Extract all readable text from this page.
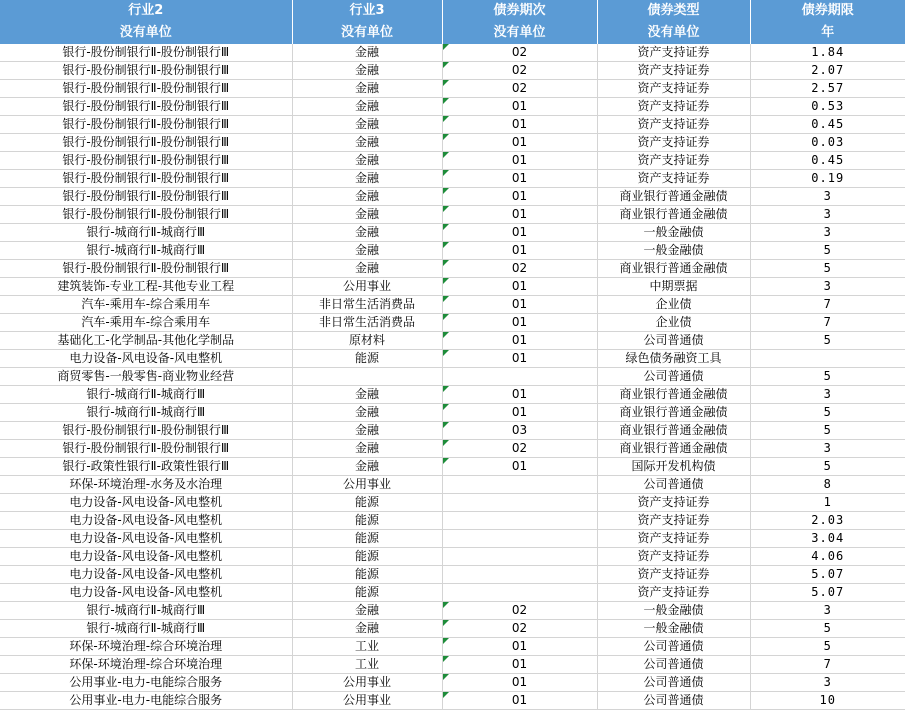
行业2	行业3	债券期次	债券类型	债券期限
没有单位	没有单位	没有单位	没有单位	年
银行-股份制银行Ⅱ-股份制银行Ⅲ	金融	02	资产支持证券	1.84
银行-股份制银行Ⅱ-股份制银行Ⅲ	金融	02	资产支持证券	2.07
银行-股份制银行Ⅱ-股份制银行Ⅲ	金融	02	资产支持证券	2.57
银行-股份制银行Ⅱ-股份制银行Ⅲ	金融	01	资产支持证券	0.53
银行-股份制银行Ⅱ-股份制银行Ⅲ	金融	01	资产支持证券	0.45
银行-股份制银行Ⅱ-股份制银行Ⅲ	金融	01	资产支持证券	0.03
银行-股份制银行Ⅱ-股份制银行Ⅲ	金融	01	资产支持证券	0.45
银行-股份制银行Ⅱ-股份制银行Ⅲ	金融	01	资产支持证券	0.19
银行-股份制银行Ⅱ-股份制银行Ⅲ	金融	01	商业银行普通金融债	3
银行-股份制银行Ⅱ-股份制银行Ⅲ	金融	01	商业银行普通金融债	3
银行-城商行Ⅱ-城商行Ⅲ	金融	01	一般金融债	3
银行-城商行Ⅱ-城商行Ⅲ	金融	01	一般金融债	5
银行-股份制银行Ⅱ-股份制银行Ⅲ	金融	02	商业银行普通金融债	5
建筑装饰-专业工程-其他专业工程	公用事业	01	中期票据	3
汽车-乘用车-综合乘用车	非日常生活消费品	01	企业债	7
汽车-乘用车-综合乘用车	非日常生活消费品	01	企业债	7
基础化工-化学制品-其他化学制品	原材料	01	公司普通债	5
电力设备-风电设备-风电整机	能源	01	绿色债务融资工具	
商贸零售-一般零售-商业物业经营			公司普通债	5
银行-城商行Ⅱ-城商行Ⅲ	金融	01	商业银行普通金融债	3
银行-城商行Ⅱ-城商行Ⅲ	金融	01	商业银行普通金融债	5
银行-股份制银行Ⅱ-股份制银行Ⅲ	金融	03	商业银行普通金融债	5
银行-股份制银行Ⅱ-股份制银行Ⅲ	金融	02	商业银行普通金融债	3
银行-政策性银行Ⅱ-政策性银行Ⅲ	金融	01	国际开发机构债	5
环保-环境治理-水务及水治理	公用事业		公司普通债	8
电力设备-风电设备-风电整机	能源		资产支持证券	1
电力设备-风电设备-风电整机	能源		资产支持证券	2.03
电力设备-风电设备-风电整机	能源		资产支持证券	3.04
电力设备-风电设备-风电整机	能源		资产支持证券	4.06
电力设备-风电设备-风电整机	能源		资产支持证券	5.07
电力设备-风电设备-风电整机	能源		资产支持证券	5.07
银行-城商行Ⅱ-城商行Ⅲ	金融	02	一般金融债	3
银行-城商行Ⅱ-城商行Ⅲ	金融	02	一般金融债	5
环保-环境治理-综合环境治理	工业	01	公司普通债	5
环保-环境治理-综合环境治理	工业	01	公司普通债	7
公用事业-电力-电能综合服务	公用事业	01	公司普通债	3
公用事业-电力-电能综合服务	公用事业	01	公司普通债	10
